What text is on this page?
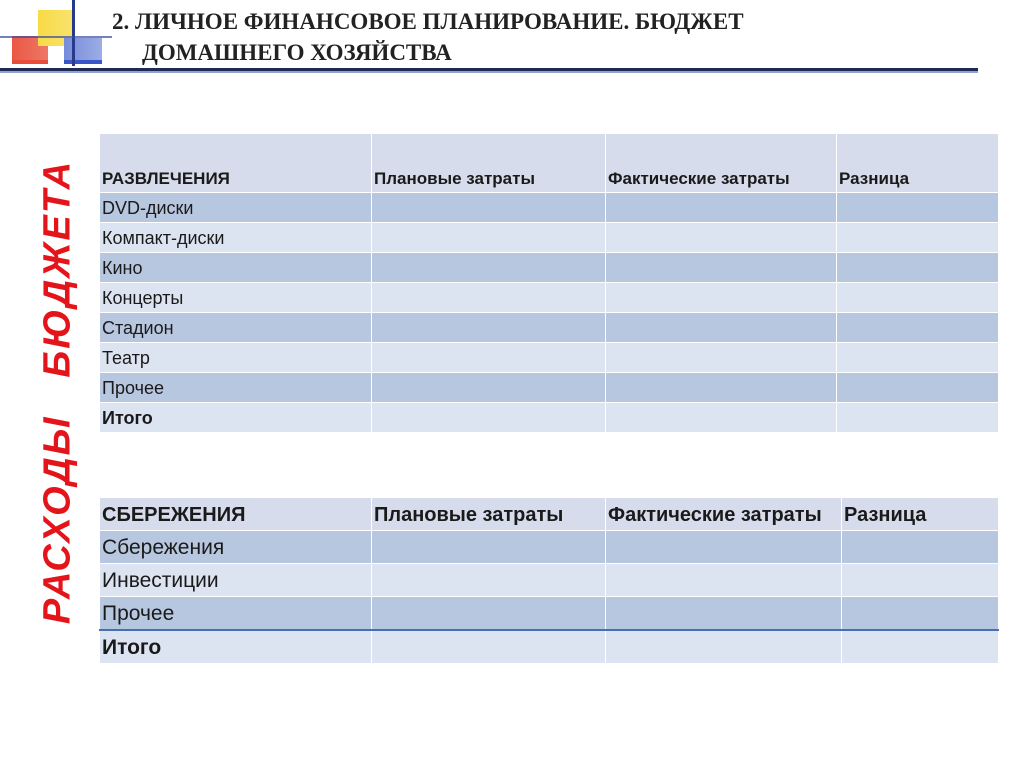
2. ЛИЧНОЕ ФИНАНСОВОЕ ПЛАНИРОВАНИЕ. БЮДЖЕТ
ДОМАШНЕГО ХОЗЯЙСТВА
РАСХОДЫ   БЮДЖЕТА РАЗВЛЕЧЕНИЯ	Плановые затраты	Фактические затраты	Разница
DVD-диски			
Компакт-диски			
Кино			
Концерты			
Стадион			
Театр			
Прочее			
Итого			
СБЕРЕЖЕНИЯ	Плановые затраты	Фактические затраты	Разница
Сбережения			
Инвестиции			
Прочее			
Итого			
